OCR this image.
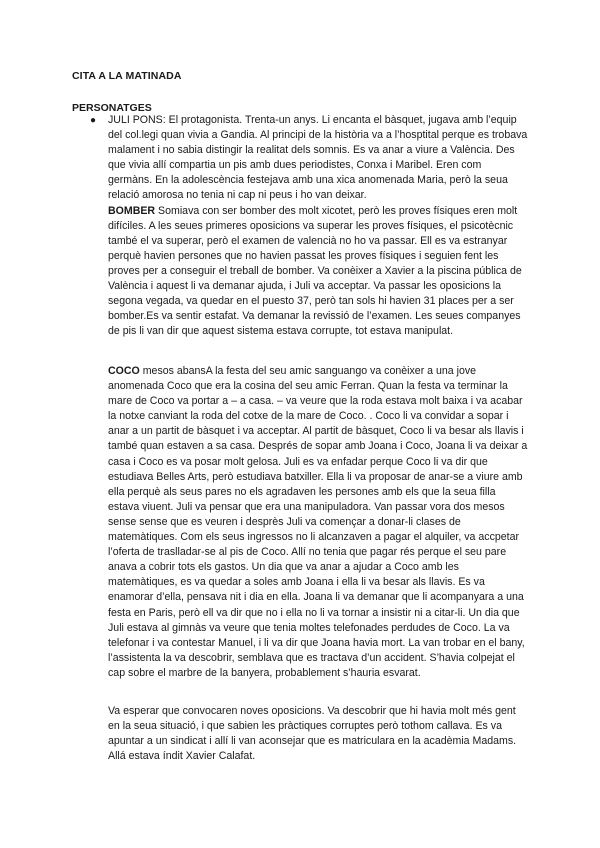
CITA A LA MATINADA
PERSONATGES
● JULI PONS: El protagonista. Trenta-un anys. Li encanta el bàsquet, jugava amb l’equip del col.legi quan vivia a Gandia. Al principi de la història va a l’hosptital perque es trobava malament i no sabia distingir la realitat dels somnis. Es va anar a viure a València. Des que vivia allí compartia un pis amb dues periodistes, Conxa i Maribel. Eren com germàns. En la adolescència festejava amb una xica anomenada Maria, però la seua relació amorosa no tenia ni cap ni peus i ho van deixar.
BOMBER Somiava con ser bomber des molt xicotet, però les proves físiques eren molt difíciles. A les seues primeres oposicions va superar les proves físiques, el psicotècnic també el va superar, però el examen de valencià no ho va passar. Ell es va estranyar perquè havien persones que no havien passat les proves físiques i seguien fent les proves per a conseguir el treball de bomber. Va conèixer a Xavier a la piscina pública de València i aquest li va demanar ajuda, i Juli va acceptar. Va passar les oposicions la segona vegada, va quedar en el puesto 37, però tan sols hi havien 31 places per a ser bomber.Es va sentir estafat. Va demanar la revissió de l’examen. Les seues companyes de pis li van dir que aquest sistema estava corrupte, tot estava manipulat.

COCO mesos abansA la festa del seu amic sanguango va conèixer a una jove anomenada Coco que era la cosina del seu amic Ferran. Quan la festa va terminar la mare de Coco va portar a – a casa. – va veure que la roda estava molt baixa i va acabar la notxe canviant la roda del cotxe de la mare de Coco. . Coco li va convidar a sopar i anar a un partit de bàsquet i va acceptar. Al partit de bàsquet, Coco li va besar als llavis i també quan estaven a sa casa. Després de sopar amb Joana i Coco, Joana li va deixar a casa i Coco es va posar molt gelosa. Juli es va enfadar perque Coco li va dir que estudiava Belles Arts, però estudiava batxiller. Ella li va proposar de anar-se a viure amb ella perquè als seus pares no els agradaven les persones amb els que la seua filla estava viuent. Juli va pensar que era una manipuladora. Van passar vora dos mesos sense sense que es veuren i desprès Juli va començar a donar-li clases de matemàtiques. Com els seus ingressos no li alcanzaven a pagar el alquiler, va accpetar l’oferta de traslladar-se al pis de Coco. Allí no tenia que pagar rés perque el seu pare anava a cobrir tots els gastos. Un dia que va anar a ajudar a Coco amb les matemàtiques, es va quedar a soles amb Joana i ella li va besar als llavis. Es va enamorar d’ella, pensava nit i dia en ella. Joana li va demanar que li acompanyara a una festa en Paris, però ell va dir que no i ella no li va tornar a insistir ni a citar-li. Un dia que Juli estava al gimnàs va veure que tenia moltes telefonades perdudes de Coco. La va telefonar i va contestar Manuel, i li va dir que Joana havia mort. La van trobar en el bany, l’assistenta la va descobrir, semblava que es tractava d’un accident. S’havia colpejat el cap sobre el marbre de la banyera, probablement s’hauria esvarat.

Va esperar que convocaren noves oposicions. Va descobrir que hi havia molt més gent en la seua situació, i que sabien les pràctiques corruptes però tothom callava. Es va apuntar a un sindicat i allí li van aconsejar que es matricularа en la acadèmia Madams. Allá estava índit Xavier Calafat.
